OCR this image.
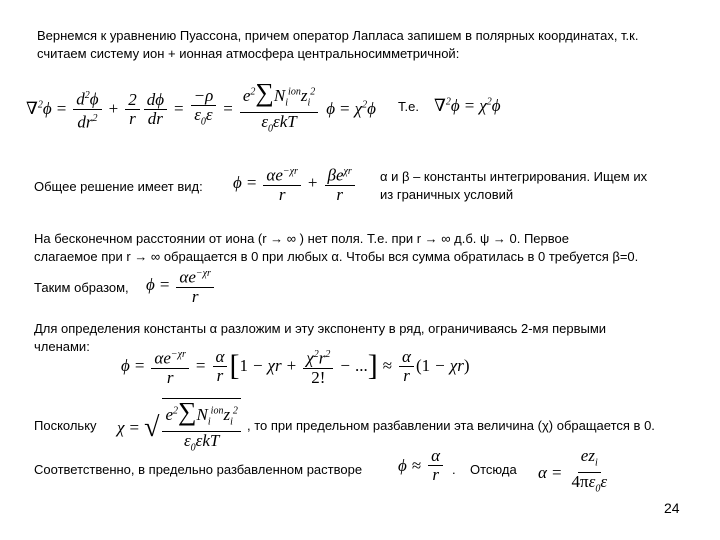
Вернемся к уравнению Пуассона, причем оператор Лапласа запишем в полярных координатах, т.к.
считаем систему ион + ионная атмосфера центральносимметричной:
$\nabla^2\phi = \frac{d^2\phi}{dr^2} + \frac{2}{r} \frac{d\phi}{dr} = \frac{-\rho}{\varepsilon_0\varepsilon} = \frac{e^2\sum N_i^{ion}z_i^2}{\varepsilon_0\varepsilon kT}$ $\phi = \chi^2\phi$ Т.е. $\nabla^2\phi = \chi^2\phi$
Общее решение имеет вид: $\phi = \frac{\alpha e^{-\chi r}}{r} + \frac{\beta e^{\chi r}}{r}$ α и β – константы интегрирования. Ищем их
из граничных условий
На бесконечном расстоянии от иона (r → ∞ ) нет поля. Т.е. при r → ∞ д.б. ψ → 0. Первое
слагаемое при r → ∞ обращается в 0 при любых α. Чтобы вся сумма обратилась в 0 требуется β=0.
Таким образом, $\phi = \frac{\alpha e^{-\chi r}}{r}$
Для определения константы α разложим и эту экспоненту в ряд, ограничиваясь 2-мя первыми
членами:
$\phi = \frac{\alpha e^{-\chi r}}{r} = \frac{\alpha}{r}$ [ $1 - \chi r + \frac{\chi^2r^2}{2!}$ − ... ] ≈ $\frac{\alpha}{r}$ ( 1 − χr )
Поскольку χ = √ $\frac{e^2\sum N_i^{ion}z_i^2}{\varepsilon_0\varepsilon kT}$ , то при предельном разбавлении эта величина (χ) обращается в 0.
Соответственно, в предельно разбавленном растворе $\phi \approx \frac{\alpha}{r}$ . Отсюда $\alpha = \frac{ez_i}{4\pi\varepsilon_0\varepsilon}$
24
